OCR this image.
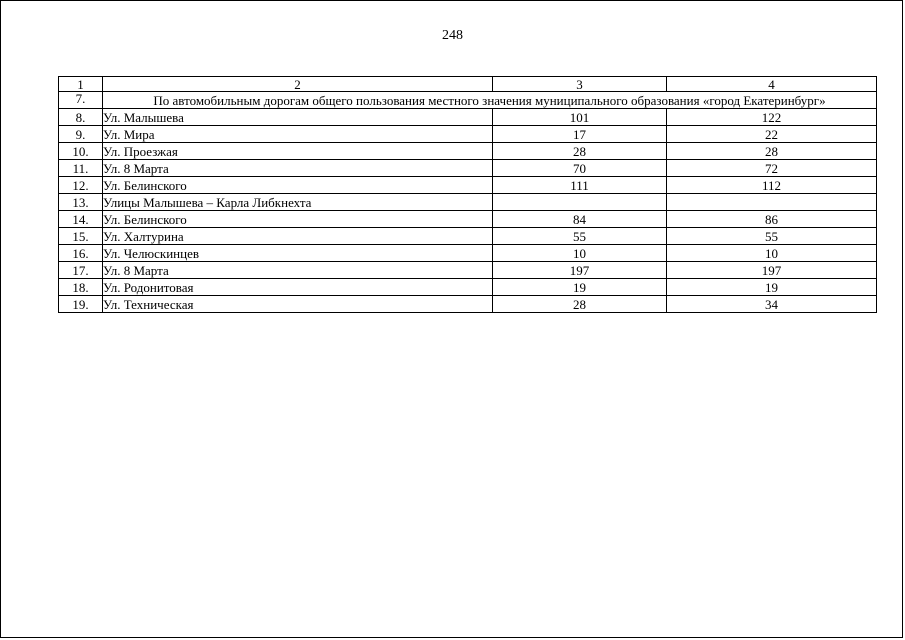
248
1	2	3	4
7.	По автомобильным дорогам общего пользования местного значения муниципального образования «город Екатеринбург»		
8.	Ул. Малышева	101	122
9.	Ул. Мира	17	22
10.	Ул. Проезжая	28	28
11.	Ул. 8 Марта	70	72
12.	Ул. Белинского	111	112
13.	Улицы Малышева – Карла Либкнехта		
14.	Ул. Белинского	84	86
15.	Ул. Халтурина	55	55
16.	Ул. Челюскинцев	10	10
17.	Ул. 8 Марта	197	197
18.	Ул. Родонитовая	19	19
19.	Ул. Техническая	28	34
